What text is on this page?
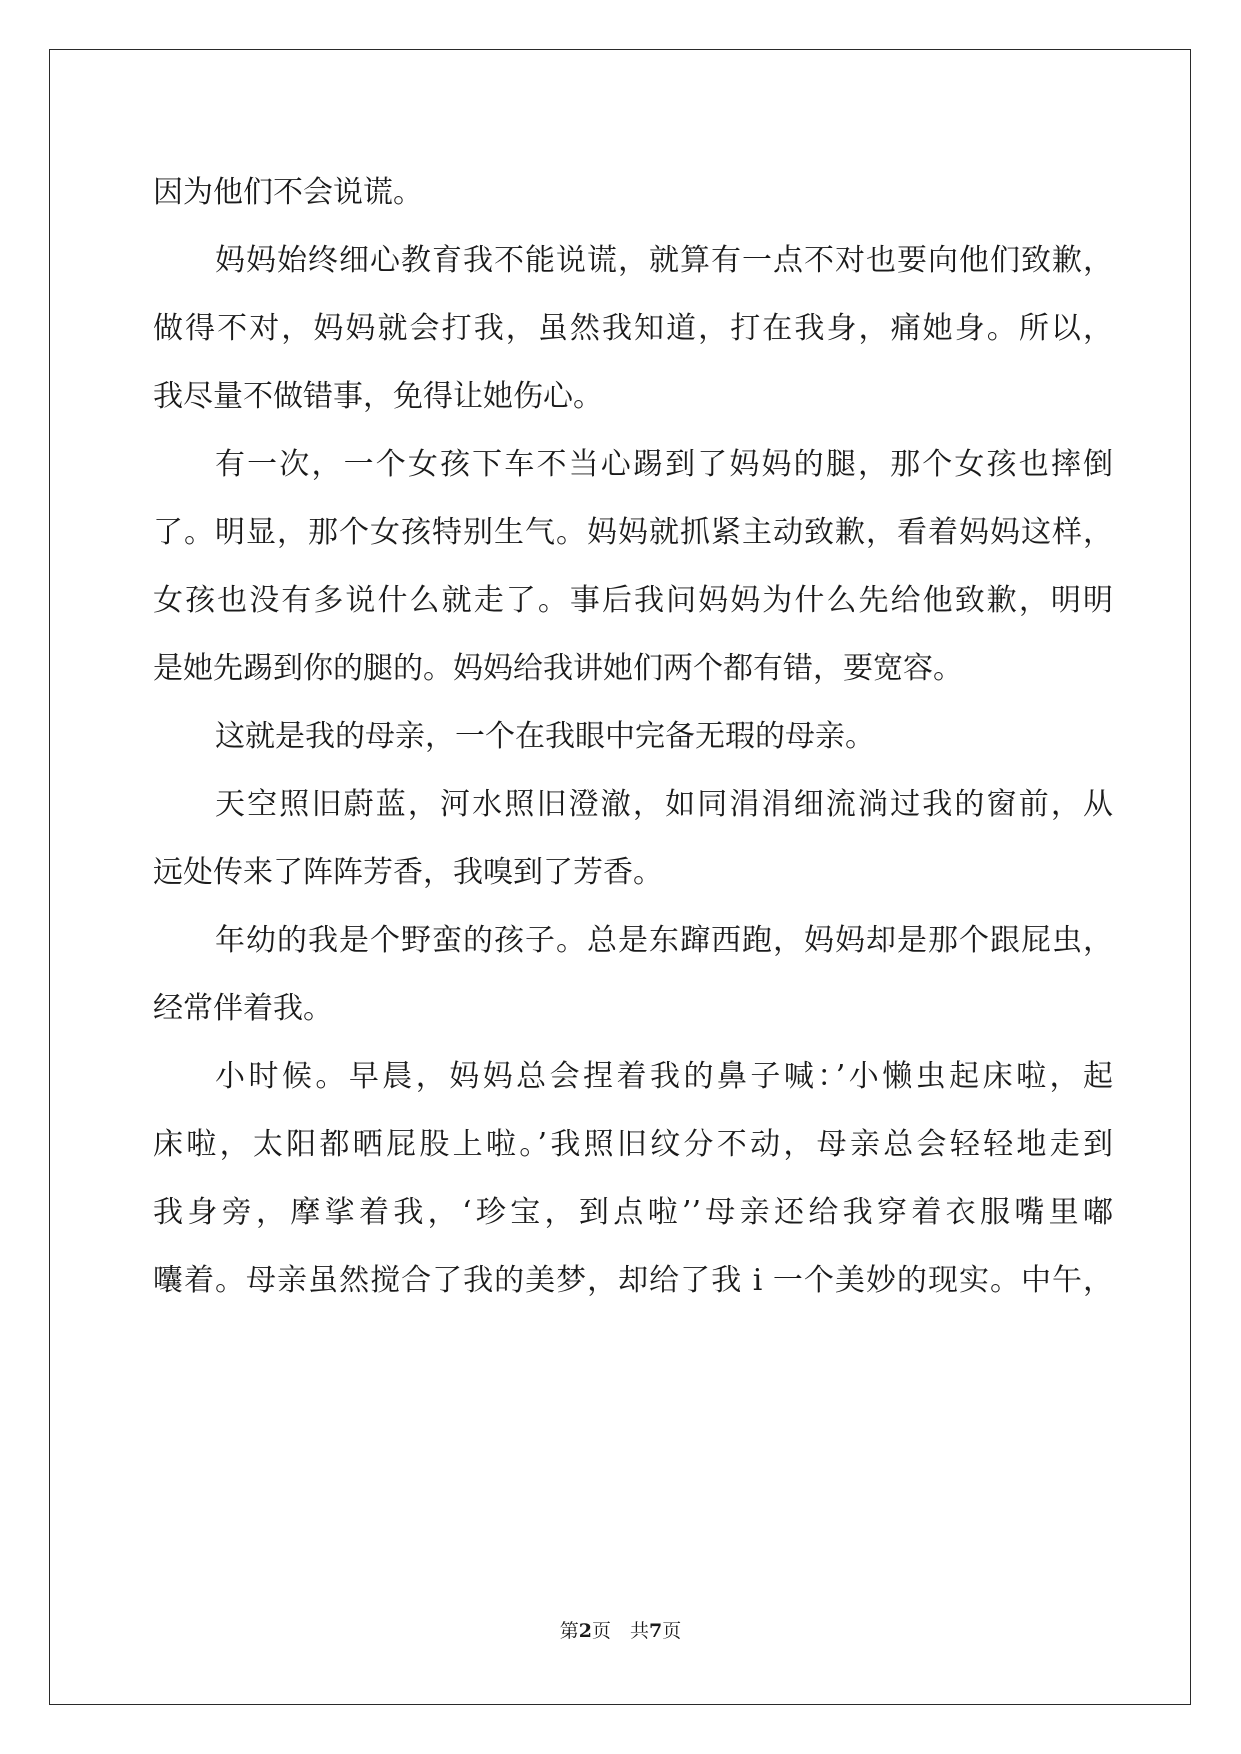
因为他们不会说谎。
妈妈始终细心教育我不能说谎，就算有一点不对也要向他们致歉，
做得不对，妈妈就会打我，虽然我知道，打在我身，痛她身。所以，
我尽量不做错事，免得让她伤心。
有一次，一个女孩下车不当心踢到了妈妈的腿，那个女孩也摔倒
了。明显，那个女孩特别生气。妈妈就抓紧主动致歉，看着妈妈这样，
女孩也没有多说什么就走了。事后我问妈妈为什么先给他致歉，明明
是她先踢到你的腿的。妈妈给我讲她们两个都有错，要宽容。
这就是我的母亲，一个在我眼中完备无瑕的母亲。
天空照旧蔚蓝，河水照旧澄澈，如同涓涓细流淌过我的窗前，从
远处传来了阵阵芳香，我嗅到了芳香。
年幼的我是个野蛮的孩子。总是东蹿西跑，妈妈却是那个跟屁虫，
经常伴着我。
小时候。早晨，妈妈总会捏着我的鼻子喊：’小懒虫起床啦，起
床啦，太阳都晒屁股上啦。’我照旧纹分不动，母亲总会轻轻地走到
我身旁，摩挲着我，‘珍宝，到点啦’’母亲还给我穿着衣服嘴里嘟
囔着。母亲虽然搅合了我的美梦，却给了我 i 一个美妙的现实。中午，
第2页　共7页
